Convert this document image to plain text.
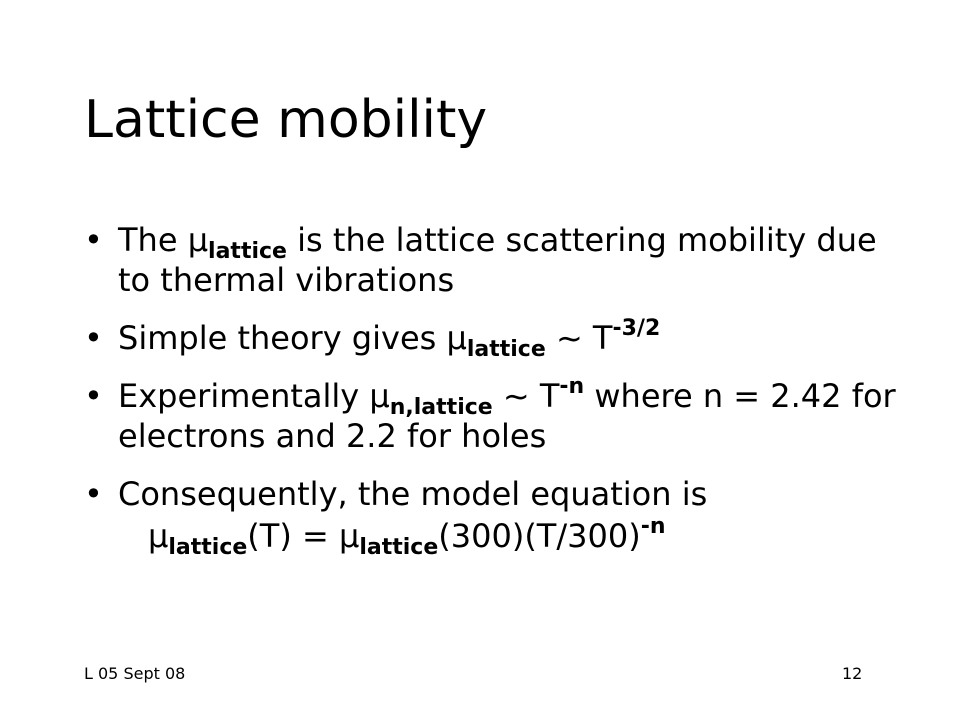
Lattice mobility
• The $\mu_{lattice}$ is the lattice scattering mobility due to thermal vibrations
• Simple theory gives $\mu_{lattice}$ ~ $T^{-3/2}$
• Experimentally $\mu_{n,lattice}$ ~ $T^{-n}$ where n = 2.42 for electrons and 2.2 for holes
• Consequently, the model equation is
$\mu_{lattice}(T) = \mu_{lattice}(300)(T/300)^{-n}$
L 05 Sept 08	12
